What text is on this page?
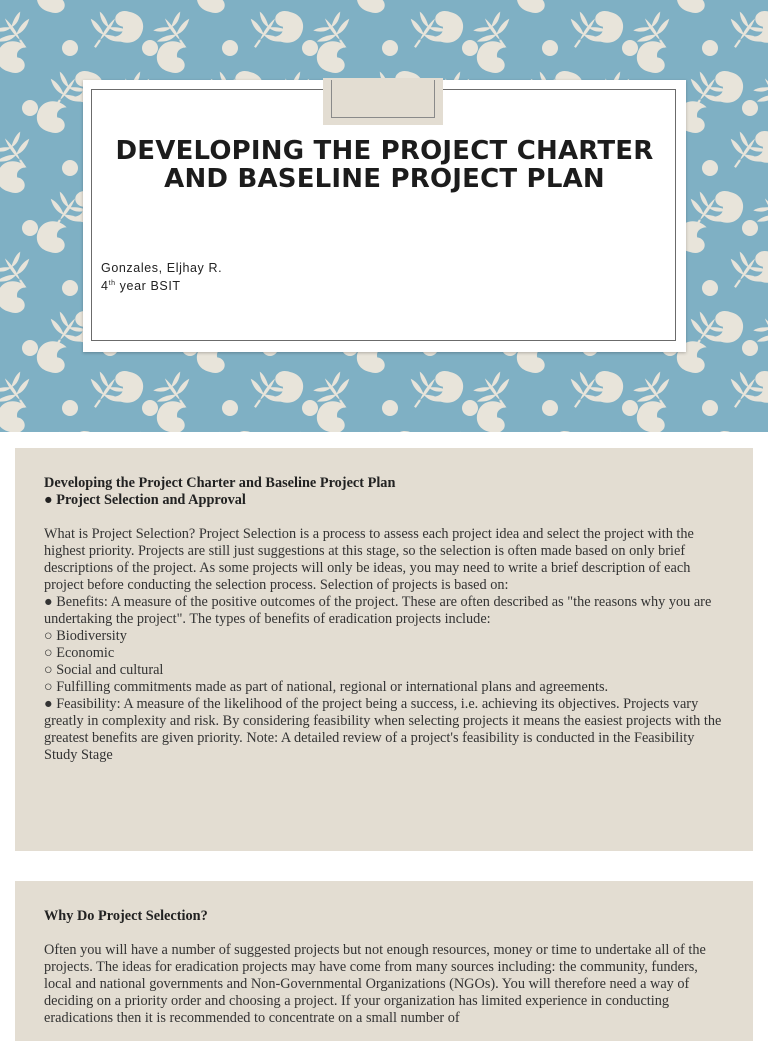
DEVELOPING THE PROJECT CHARTER
AND BASELINE PROJECT PLAN
Gonzales, Eljhay R.
4th year BSIT

Developing the Project Charter and Baseline Project Plan

● Project Selection and Approval

What is Project Selection? Project Selection is a process to assess each project idea and select the project with the highest priority. Projects are still just suggestions at this stage, so the selection is often made based on only brief descriptions of the project. As some projects will only be ideas, you may need to write a brief description of each project before conducting the selection process. Selection of projects is based on:

● Benefits: A measure of the positive outcomes of the project. These are often described as "the reasons why you are undertaking the project". The types of benefits of eradication projects include:

○ Biodiversity

○ Economic

○ Social and cultural

○ Fulfilling commitments made as part of national, regional or international plans and agreements.

● Feasibility: A measure of the likelihood of the project being a success, i.e. achieving its objectives. Projects vary greatly in complexity and risk. By considering feasibility when selecting projects it means the easiest projects with the greatest benefits are given priority. Note: A detailed review of a project's feasibility is conducted in the Feasibility Study Stage

Why Do Project Selection?

Often you will have a number of suggested projects but not enough resources, money or time to undertake all of the projects. The ideas for eradication projects may have come from many sources including: the community, funders, local and national governments and Non-Governmental Organizations (NGOs). You will therefore need a way of deciding on a priority order and choosing a project. If your organization has limited experience in conducting eradications then it is recommended to concentrate on a small number of
